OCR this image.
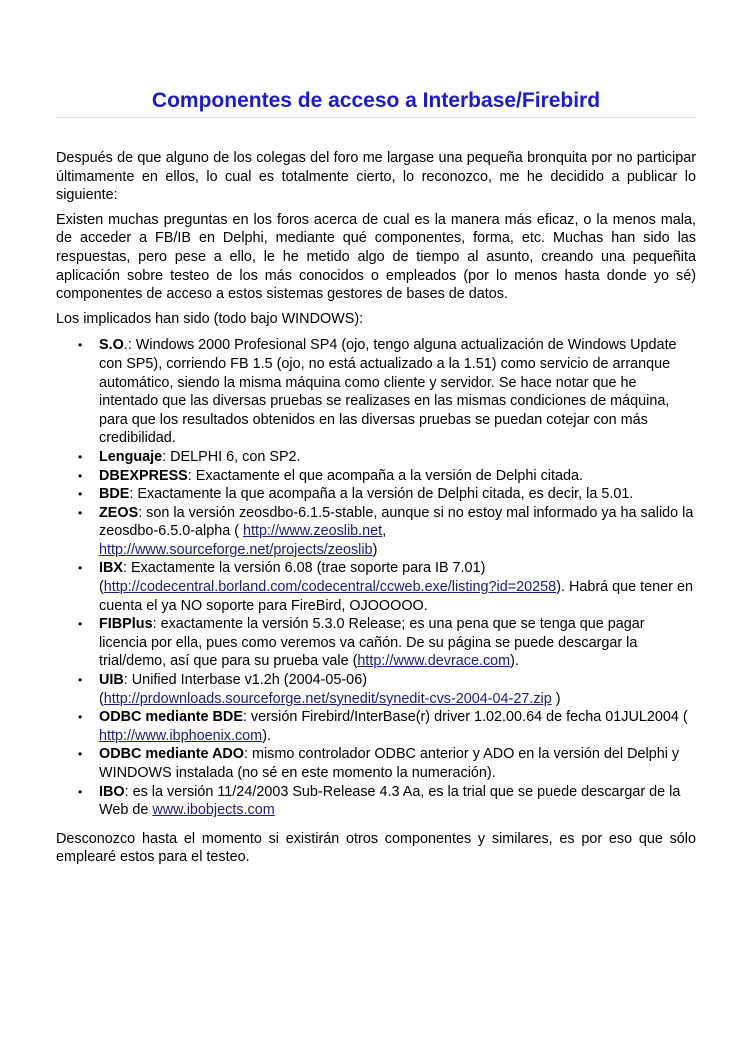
Componentes de acceso a Interbase/Firebird

Después de que alguno de los colegas del foro me largase una pequeña bronquita por no participar últimamente en ellos, lo cual es totalmente cierto, lo reconozco, me he decidido a publicar lo siguiente:

Existen muchas preguntas en los foros acerca de cual es la manera más eficaz, o la menos mala, de acceder a FB/IB en Delphi, mediante qué componentes, forma, etc. Muchas han sido las respuestas, pero pese a ello, le he metido algo de tiempo al asunto, creando una pequeñita aplicación sobre testeo de los más conocidos o empleados (por lo menos hasta donde yo sé) componentes de acceso a estos sistemas gestores de bases de datos.

Los implicados han sido (todo bajo WINDOWS):

• S.O.: Windows 2000 Profesional SP4 (ojo, tengo alguna actualización de Windows Update con SP5), corriendo FB 1.5 (ojo, no está actualizado a la 1.51) como servicio de arranque automático, siendo la misma máquina como cliente y servidor. Se hace notar que he intentado que las diversas pruebas se realizases en las mismas condiciones de máquina, para que los resultados obtenidos en las diversas pruebas se puedan cotejar con más credibilidad.
• Lenguaje: DELPHI 6, con SP2.
• DBEXPRESS: Exactamente el que acompaña a la versión de Delphi citada.
• BDE: Exactamente la que acompaña a la versión de Delphi citada, es decir, la 5.01.
• ZEOS: son la versión zeosdbo-6.1.5-stable, aunque si no estoy mal informado ya ha salido la zeosdbo-6.5.0-alpha ( http://www.zeoslib.net,
http://www.sourceforge.net/projects/zeoslib)
• IBX: Exactamente la versión 6.08 (trae soporte para IB 7.01) (http://codecentral.borland.com/codecentral/ccweb.exe/listing?id=20258). Habrá que tener en cuenta el ya NO soporte para FireBird, OJOOOOO.
• FIBPlus: exactamente la versión 5.3.0 Release; es una pena que se tenga que pagar licencia por ella, pues como veremos va cañón. De su página se puede descargar la trial/demo, así que para su prueba vale (http://www.devrace.com).
• UIB: Unified Interbase v1.2h (2004-05-06) (http://prdownloads.sourceforge.net/synedit/synedit-cvs-2004-04-27.zip )
• ODBC mediante BDE: versión Firebird/InterBase(r) driver 1.02.00.64 de fecha 01JUL2004 ( http://www.ibphoenix.com).
• ODBC mediante ADO: mismo controlador ODBC anterior y ADO en la versión del Delphi y WINDOWS instalada (no sé en este momento la numeración).
• IBO: es la versión 11/24/2003 Sub-Release 4.3 Aa, es la trial que se puede descargar de la Web de www.ibobjects.com

Desconozco hasta el momento si existirán otros componentes y similares, es por eso que sólo emplearé estos para el testeo.
